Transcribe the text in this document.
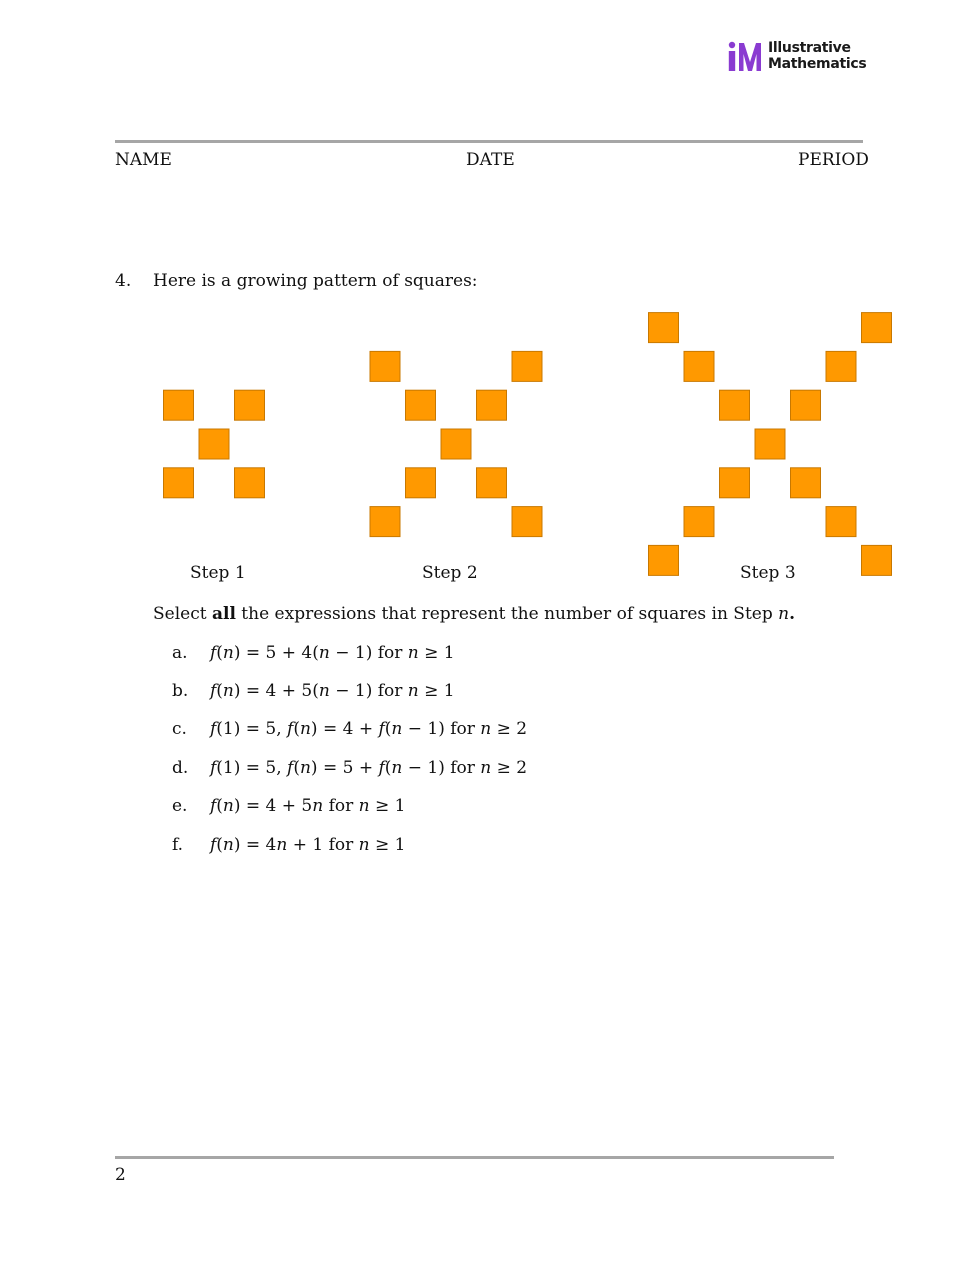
Illustrative
Mathematics
NAME	DATE	PERIOD
4. Here is a growing pattern of squares:
Step 1	Step 2	Step 3
Select all the expressions that represent the number of squares in Step n.
a. 𝑓(𝑛) = 5 + 4(𝑛 − 1) for 𝑛 ≥ 1
b. 𝑓(𝑛) = 4 + 5(𝑛 − 1) for 𝑛 ≥ 1
c. 𝑓(1) = 5, 𝑓(𝑛) = 4 + 𝑓(𝑛 − 1) for 𝑛 ≥ 2
d. 𝑓(1) = 5, 𝑓(𝑛) = 5 + 𝑓(𝑛 − 1) for 𝑛 ≥ 2
e. 𝑓(𝑛) = 4 + 5𝑛 for 𝑛 ≥ 1
f. 𝑓(𝑛) = 4𝑛 + 1 for 𝑛 ≥ 1
2
